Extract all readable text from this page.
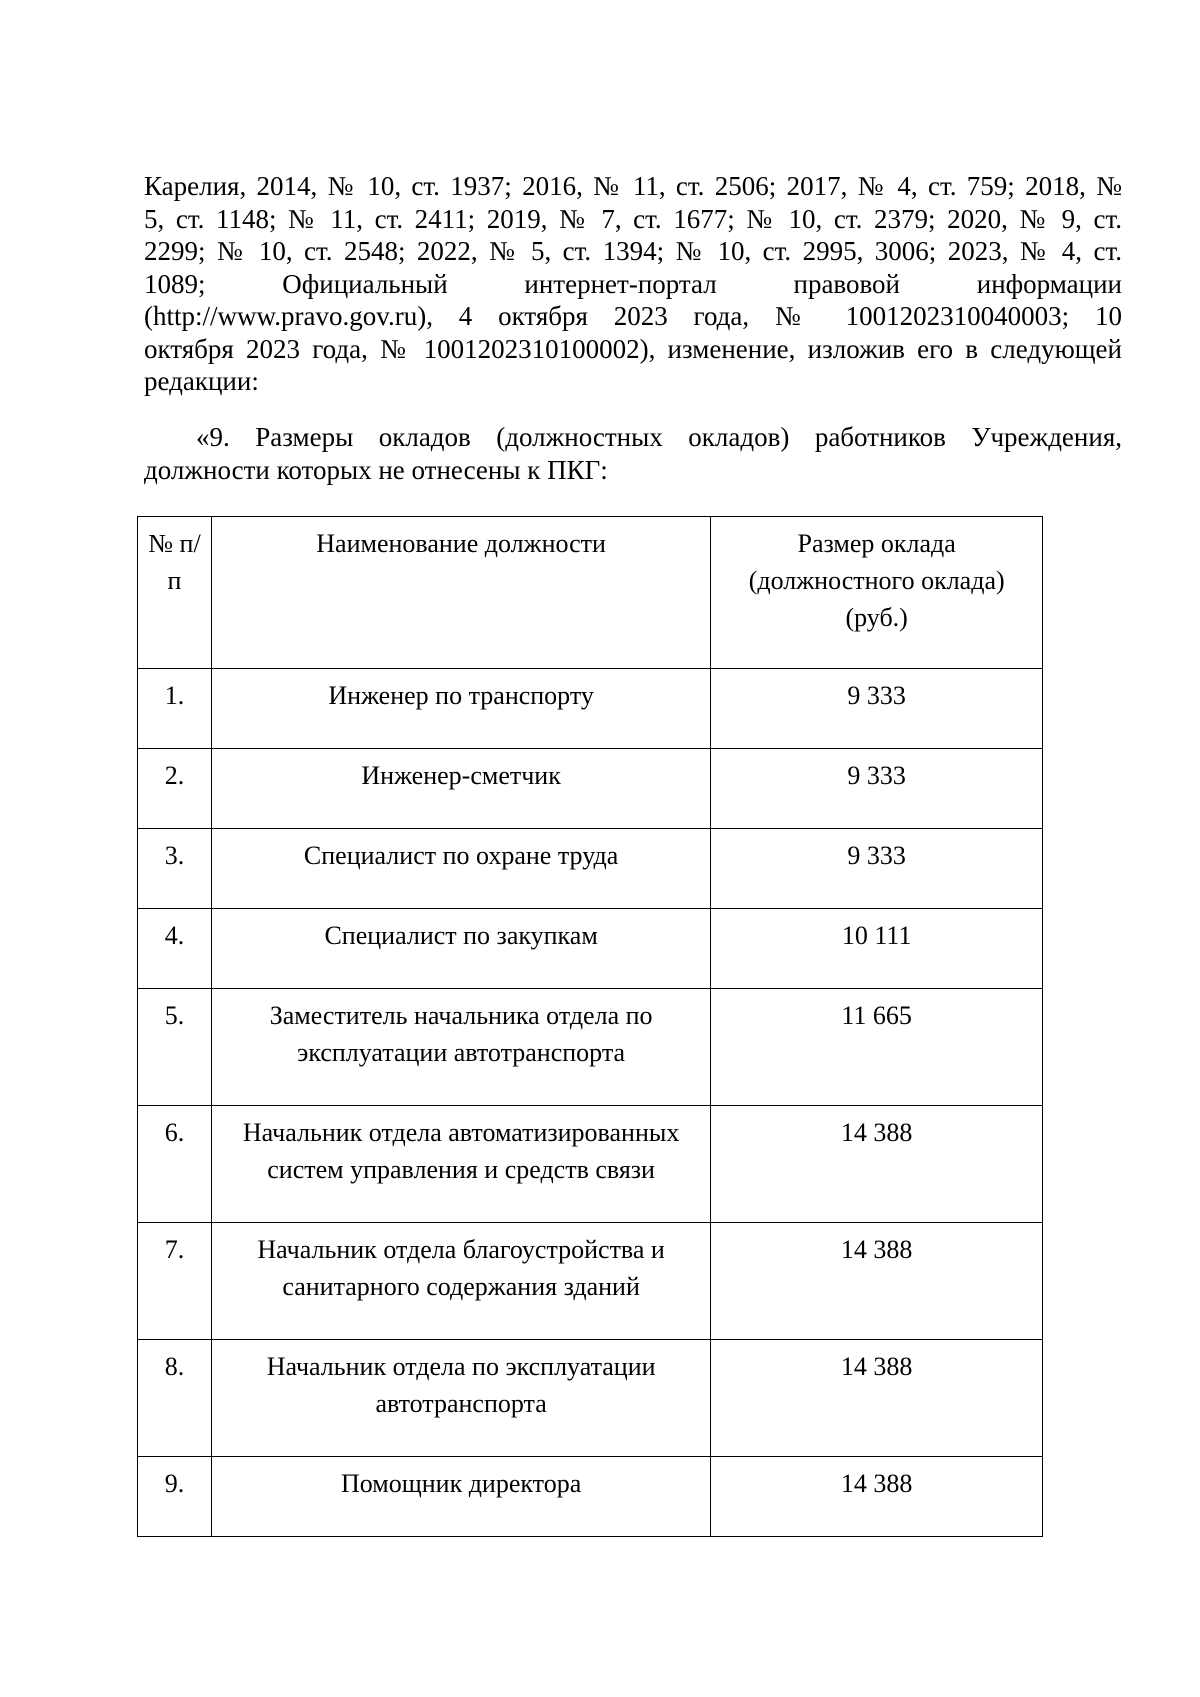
Карелия, 2014, № 10, ст. 1937; 2016, № 11, ст. 2506; 2017, № 4, ст. 759; 2018, №
5, ст. 1148; № 11, ст. 2411; 2019, № 7, ст. 1677; № 10, ст. 2379; 2020, № 9, ст.
2299; № 10, ст. 2548; 2022, № 5, ст. 1394; № 10, ст. 2995, 3006; 2023, № 4, ст.
1089; Официальный интернет-портал правовой информации
(http://www.pravo.gov.ru), 4 октября 2023 года, № 1001202310040003; 10
октября 2023 года, № 1001202310100002), изменение, изложив его в следующей
редакции:
«9. Размеры окладов (должностных окладов) работников Учреждения,
должности которых не отнесены к ПКГ:
№ п/п	Наименование должности	Размер оклада (должностного оклада) (руб.)
1.	Инженер по транспорту	9 333
2.	Инженер-сметчик	9 333
3.	Специалист по охране труда	9 333
4.	Специалист по закупкам	10 111
5.	Заместитель начальника отдела по эксплуатации автотранспорта	11 665
6.	Начальник отдела автоматизированных систем управления и средств связи	14 388
7.	Начальник отдела благоустройства и санитарного содержания зданий	14 388
8.	Начальник отдела по эксплуатации автотранспорта	14 388
9.	Помощник директора	14 388
